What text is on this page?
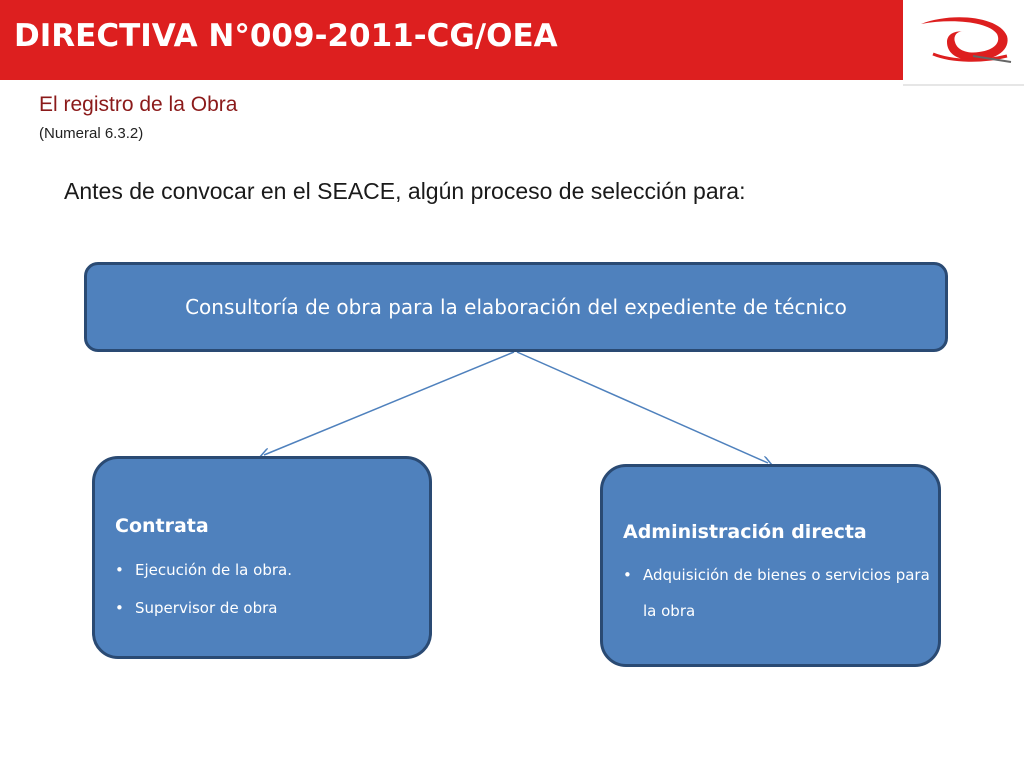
DIRECTIVA N°009-2011-CG/OEA
El registro de la Obra
(Numeral 6.3.2)
Antes de convocar en el SEACE, algún proceso de selección para:
Consultoría de obra para la elaboración del expediente de técnico
Contrata
• Ejecución de la obra.
• Supervisor de obra
Administración directa
• Adquisición de bienes o servicios para la obra
